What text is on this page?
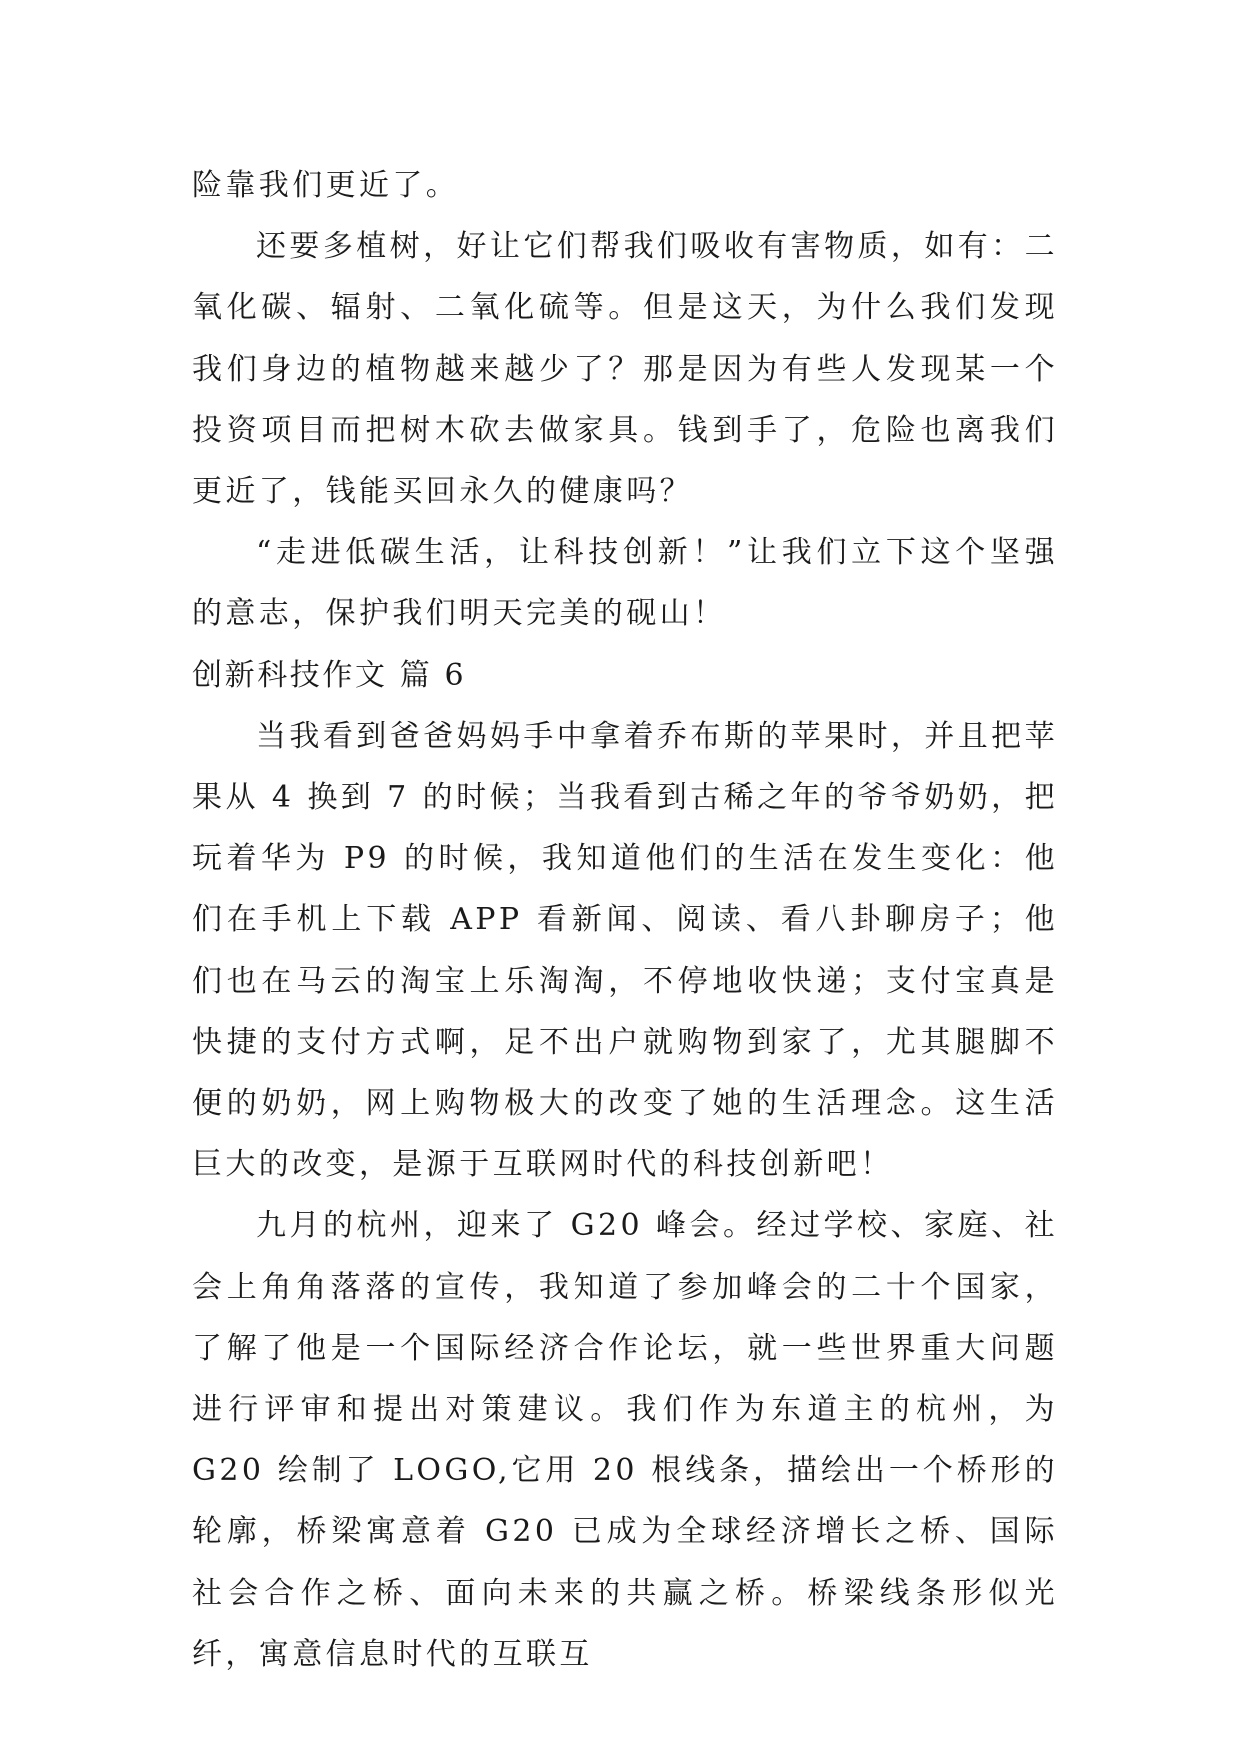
险靠我们更近了。

还要多植树，好让它们帮我们吸收有害物质，如有：二氧化碳、辐射、二氧化硫等。但是这天，为什么我们发现我们身边的植物越来越少了？那是因为有些人发现某一个投资项目而把树木砍去做家具。钱到手了，危险也离我们更近了，钱能买回永久的健康吗？

“走进低碳生活，让科技创新！”让我们立下这个坚强的意志，保护我们明天完美的砚山！

创新科技作文 篇 6

当我看到爸爸妈妈手中拿着乔布斯的苹果时，并且把苹果从 4 换到 7 的时候；当我看到古稀之年的爷爷奶奶，把玩着华为 P9 的时候，我知道他们的生活在发生变化：他们在手机上下载 APP 看新闻、阅读、看八卦聊房子；他们也在马云的淘宝上乐淘淘，不停地收快递；支付宝真是快捷的支付方式啊，足不出户就购物到家了，尤其腿脚不便的奶奶，网上购物极大的改变了她的生活理念。这生活巨大的改变，是源于互联网时代的科技创新吧！

九月的杭州，迎来了 G20 峰会。经过学校、家庭、社会上角角落落的宣传，我知道了参加峰会的二十个国家，了解了他是一个国际经济合作论坛，就一些世界重大问题进行评审和提出对策建议。我们作为东道主的杭州，为 G20 绘制了 LOGO,它用 20 根线条，描绘出一个桥形的轮廓，桥梁寓意着 G20 已成为全球经济增长之桥、国际社会合作之桥、面向未来的共赢之桥。桥梁线条形似光纤，寓意信息时代的互联互
